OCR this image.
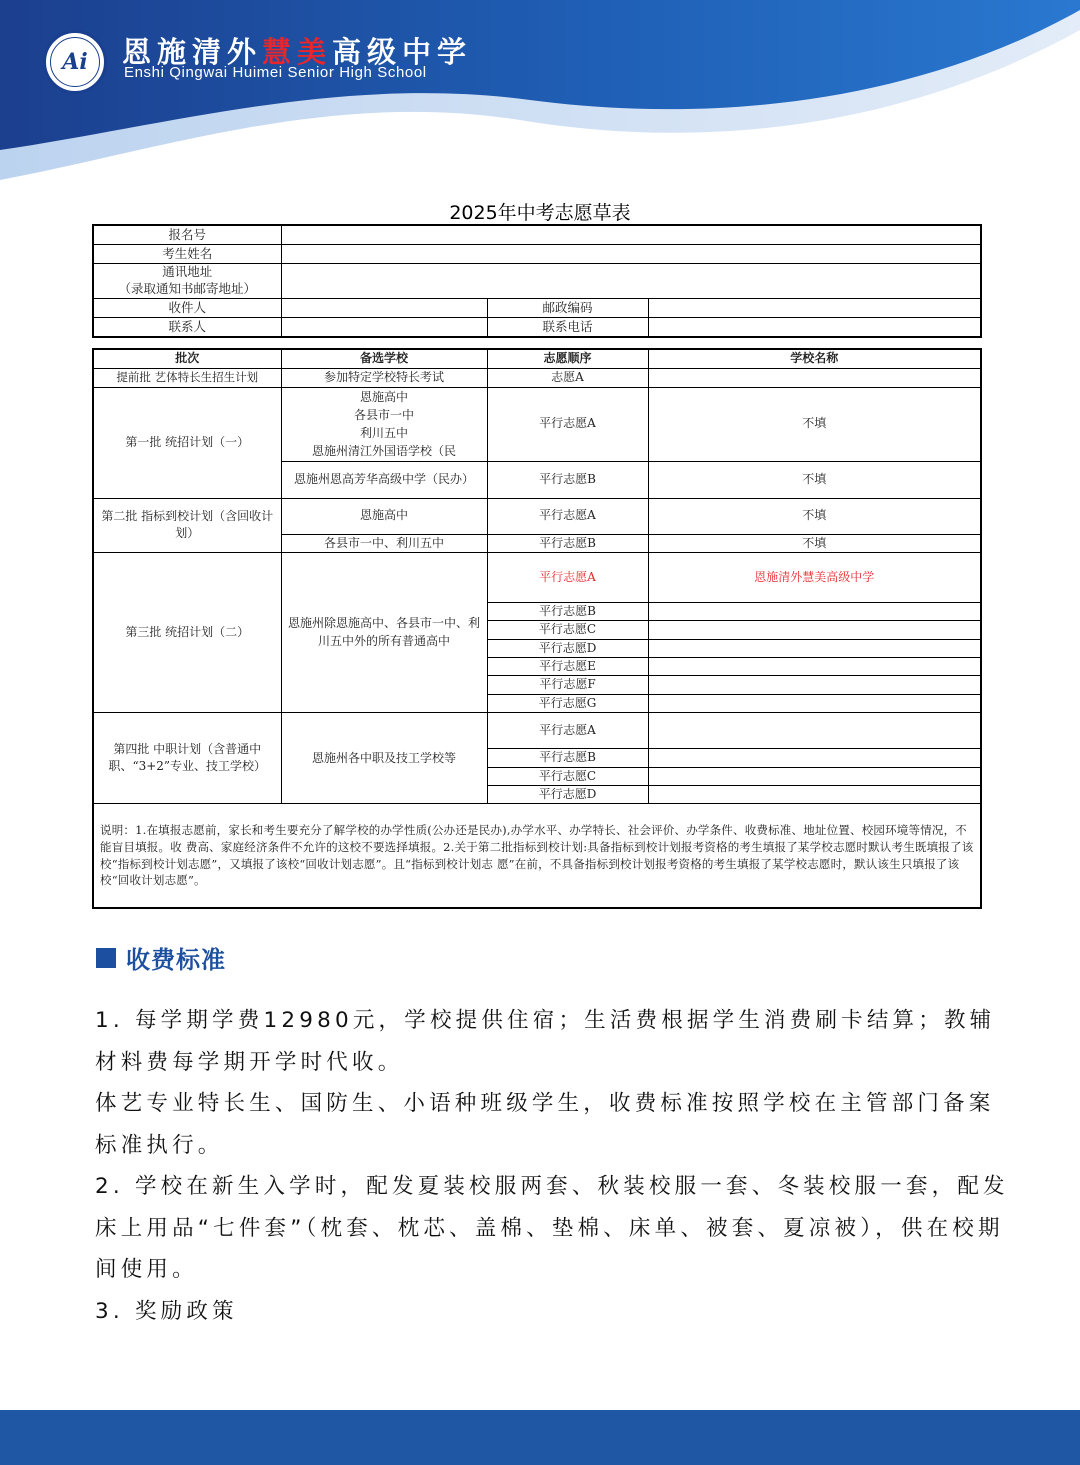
Ai	恩施清外慧美高级中学
Enshi Qingwai Huimei Senior High School
2025年中考志愿草表
报名号			
考生姓名			

通讯地址
（录取通知书邮寄地址）			

收件人		邮政编码	
联系人		联系电话	
批次	备选学校	志愿顺序	学校名称
提前批 艺体特长生招生计划	参加特定学校特长考试	志愿A	
第一批 统招计划（一）	恩施高中
各县市一中
利川五中
恩施州清江外国语学校（民	平行志愿A	不填
	恩施州恩高芳华高级中学（民办）	平行志愿B	不填
第二批 指标到校计划（含回收计划）	恩施高中	平行志愿A	不填
	各县市一中、利川五中	平行志愿B	不填
第三批 统招计划（二）	恩施州除恩施高中、各县市一中、利川五中外的所有普通高中	平行志愿A	恩施清外慧美高级中学
		平行志愿B	
		平行志愿C	
		平行志愿D	
		平行志愿E	
		平行志愿F	
		平行志愿G	
第四批 中职计划（含普通中职、“3+2”专业、技工学校）	恩施州各中职及技工学校等	平行志愿A	
		平行志愿B	
		平行志愿C	
		平行志愿D	
说明：1.在填报志愿前，家长和考生要充分了解学校的办学性质(公办还是民办),办学水平、办学特长、社会评价、办学条件、收费标准、地址位置、校园环境等情况，不能盲目填报。收 费高、家庭经济条件不允许的这校不要选择填报。2.关于第二批指标到校计划:具备指标到校计划报考资格的考生填报了某学校志愿时默认考生既填报了该校“指标到校计划志愿”，又填报了该校“回收计划志愿”。且“指标到校计划志 愿”在前，不具备指标到校计划报考资格的考生填报了某学校志愿时，默认该生只填报了该校“回收计划志愿”。			
收费标准

1. 每学期学费12980元，学校提供住宿；生活费根据学生消费刷卡结算；教辅材料费每学期开学时代收。

体艺专业特长生、国防生、小语种班级学生，收费标准按照学校在主管部门备案标准执行。

2. 学校在新生入学时，配发夏装校服两套、秋装校服一套、冬装校服一套，配发床上用品“七件套”（枕套、枕芯、盖棉、垫棉、床单、被套、夏凉被），供在校期间使用。

3. 奖励政策
